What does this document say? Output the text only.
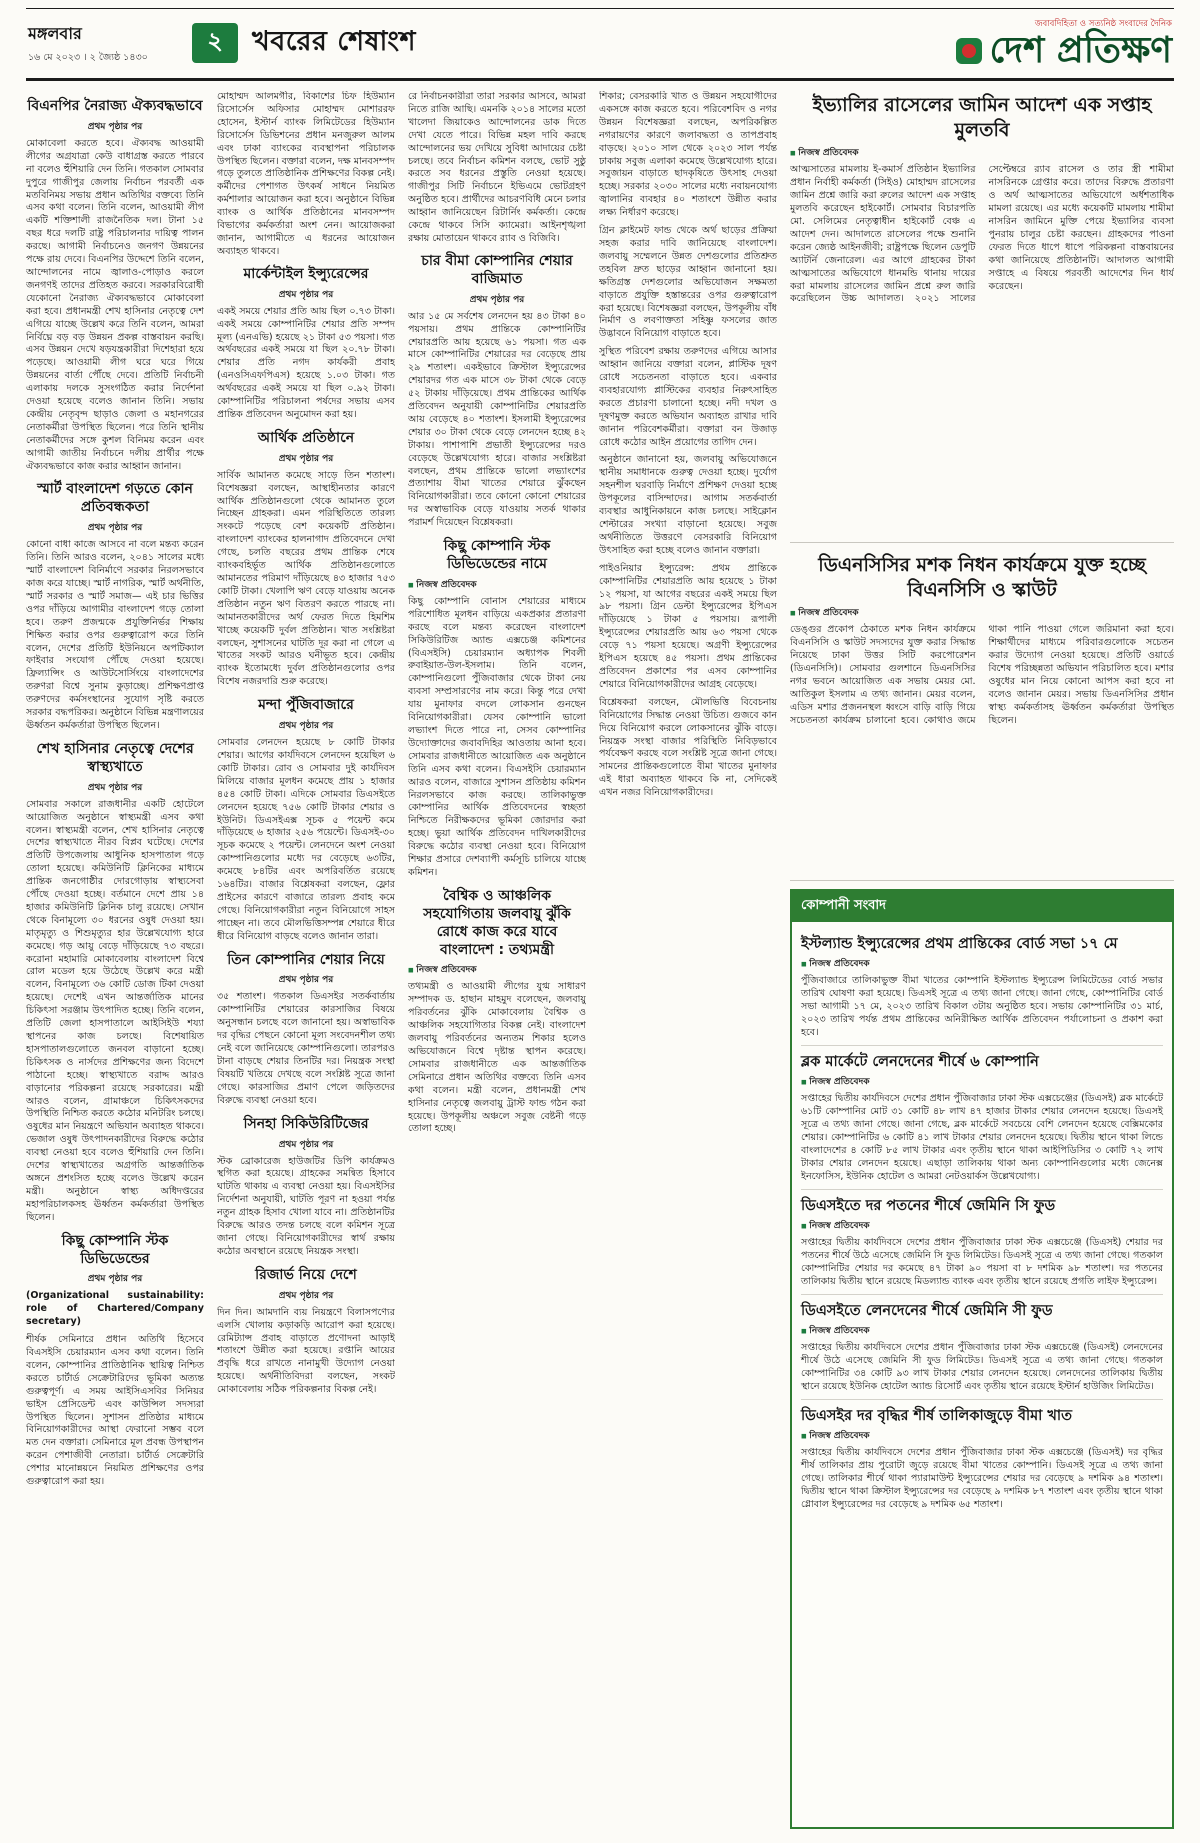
মঙ্গলবার
১৬ মে ২০২৩ । ২ জ্যৈষ্ঠ ১৪৩০
২	খবরের শেষাংশ
জবাবদিহিতা ও সত্যনিষ্ঠ সংবাদের দৈনিক
দেশ প্রতিক্ষণ
বিএনপির নৈরাজ্য ঐক্যবদ্ধভাবে
প্রথম পৃষ্ঠার পর

মোকাবেলা করতে হবে। ঐক্যবদ্ধ আওয়ামী লীগের অগ্রযাত্রা কেউ বাধাগ্রস্ত করতে পারবে না বলেও হুঁশিয়ারি দেন তিনি। গতকাল সোমবার দুপুরে গাজীপুর জেলায় নির্বাচন পরবর্তী এক মতবিনিময় সভায় প্রধান অতিথির বক্তব্যে তিনি এসব কথা বলেন। তিনি বলেন, আওয়ামী লীগ একটি শক্তিশালী রাজনৈতিক দল। টানা ১৫ বছর ধরে দলটি রাষ্ট্র পরিচালনার দায়িত্ব পালন করছে। আগামী নির্বাচনেও জনগণ উন্নয়নের পক্ষে রায় দেবে। বিএনপির উদ্দেশে তিনি বলেন, আন্দোলনের নামে জ্বালাও-পোড়াও করলে জনগণই তাদের প্রতিহত করবে। সরকারবিরোধী যেকোনো নৈরাজ্য ঐক্যবদ্ধভাবে মোকাবেলা করা হবে। প্রধানমন্ত্রী শেখ হাসিনার নেতৃত্বে দেশ এগিয়ে যাচ্ছে উল্লেখ করে তিনি বলেন, আমরা নির্বিঘ্নে বড় বড় উন্নয়ন প্রকল্প বাস্তবায়ন করছি। এসব উন্নয়ন দেখে ষড়যন্ত্রকারীরা দিশেহারা হয়ে পড়েছে। আওয়ামী লীগ ঘরে ঘরে গিয়ে উন্নয়নের বার্তা পৌঁছে দেবে। প্রতিটি নির্বাচনী এলাকায় দলকে সুসংগঠিত করার নির্দেশনা দেওয়া হয়েছে বলেও জানান তিনি। সভায় কেন্দ্রীয় নেতৃবৃন্দ ছাড়াও জেলা ও মহানগরের নেতাকর্মীরা উপস্থিত ছিলেন। পরে তিনি স্থানীয় নেতাকর্মীদের সঙ্গে কুশল বিনিময় করেন এবং আগামী জাতীয় নির্বাচনে দলীয় প্রার্থীর পক্ষে ঐক্যবদ্ধভাবে কাজ করার আহ্বান জানান।

স্মার্ট বাংলাদেশ গড়তে কোন প্রতিবন্ধকতা
প্রথম পৃষ্ঠার পর

কোনো বাধা কাজে আসবে না বলে মন্তব্য করেন তিনি। তিনি আরও বলেন, ২০৪১ সালের মধ্যে স্মার্ট বাংলাদেশ বিনির্মাণে সরকার নিরলসভাবে কাজ করে যাচ্ছে। স্মার্ট নাগরিক, স্মার্ট অর্থনীতি, স্মার্ট সরকার ও স্মার্ট সমাজ— এই চার ভিত্তির ওপর দাঁড়িয়ে আগামীর বাংলাদেশ গড়ে তোলা হবে। তরুণ প্রজন্মকে প্রযুক্তিনির্ভর শিক্ষায় শিক্ষিত করার ওপর গুরুত্বারোপ করে তিনি বলেন, দেশের প্রতিটি ইউনিয়নে অপটিক্যাল ফাইবার সংযোগ পৌঁছে দেওয়া হয়েছে। ফ্রিল্যান্সিং ও আউটসোর্সিংয়ে বাংলাদেশের তরুণরা বিশ্বে সুনাম কুড়াচ্ছে। প্রশিক্ষণপ্রাপ্ত তরুণদের কর্মসংস্থানের সুযোগ সৃষ্টি করতে সরকার বদ্ধপরিকর। অনুষ্ঠানে বিভিন্ন মন্ত্রণালয়ের ঊর্ধ্বতন কর্মকর্তারা উপস্থিত ছিলেন।

শেখ হাসিনার নেতৃত্বে দেশের স্বাস্থ্যখাতে
প্রথম পৃষ্ঠার পর

সোমবার সকালে রাজধানীর একটি হোটেলে আয়োজিত অনুষ্ঠানে স্বাস্থ্যমন্ত্রী এসব কথা বলেন। স্বাস্থ্যমন্ত্রী বলেন, শেখ হাসিনার নেতৃত্বে দেশের স্বাস্থ্যখাতে নীরব বিপ্লব ঘটেছে। দেশের প্রতিটি উপজেলায় আধুনিক হাসপাতাল গড়ে তোলা হয়েছে। কমিউনিটি ক্লিনিকের মাধ্যমে প্রান্তিক জনগোষ্ঠীর দোরগোড়ায় স্বাস্থ্যসেবা পৌঁছে দেওয়া হচ্ছে। বর্তমানে দেশে প্রায় ১৪ হাজার কমিউনিটি ক্লিনিক চালু রয়েছে। সেখান থেকে বিনামূল্যে ৩০ ধরনের ওষুধ দেওয়া হয়। মাতৃমৃত্যু ও শিশুমৃত্যুর হার উল্লেখযোগ্য হারে কমেছে। গড় আয়ু বেড়ে দাঁড়িয়েছে ৭৩ বছরে। করোনা মহামারি মোকাবেলায় বাংলাদেশ বিশ্বে রোল মডেল হয়ে উঠেছে উল্লেখ করে মন্ত্রী বলেন, বিনামূল্যে ৩৬ কোটি ডোজ টিকা দেওয়া হয়েছে। দেশেই এখন আন্তর্জাতিক মানের চিকিৎসা সরঞ্জাম উৎপাদিত হচ্ছে। তিনি বলেন, প্রতিটি জেলা হাসপাতালে আইসিইউ শয্যা স্থাপনের কাজ চলছে। বিশেষায়িত হাসপাতালগুলোতে জনবল বাড়ানো হচ্ছে। চিকিৎসক ও নার্সদের প্রশিক্ষণের জন্য বিদেশে পাঠানো হচ্ছে। স্বাস্থ্যখাতে বরাদ্দ আরও বাড়ানোর পরিকল্পনা রয়েছে সরকারের। মন্ত্রী আরও বলেন, গ্রামাঞ্চলে চিকিৎসকদের উপস্থিতি নিশ্চিত করতে কঠোর মনিটরিং চলছে। ওষুধের মান নিয়ন্ত্রণে অভিযান অব্যাহত থাকবে। ভেজাল ওষুধ উৎপাদনকারীদের বিরুদ্ধে কঠোর ব্যবস্থা নেওয়া হবে বলেও হুঁশিয়ারি দেন তিনি। দেশের স্বাস্থ্যখাতের অগ্রগতি আন্তর্জাতিক অঙ্গনে প্রশংসিত হচ্ছে বলেও উল্লেখ করেন মন্ত্রী। অনুষ্ঠানে স্বাস্থ্য অধিদপ্তরের মহাপরিচালকসহ ঊর্ধ্বতন কর্মকর্তারা উপস্থিত ছিলেন।

কিছু কোম্পানি স্টক ডিভিডেন্ডের
প্রথম পৃষ্ঠার পর

(Organizational sustainability: role of Chartered/Company secretary)

শীর্ষক সেমিনারে প্রধান অতিথি হিসেবে বিএসইসি চেয়ারম্যান এসব কথা বলেন। তিনি বলেন, কোম্পানির প্রাতিষ্ঠানিক স্থায়িত্ব নিশ্চিত করতে চার্টার্ড সেক্রেটারিদের ভূমিকা অত্যন্ত গুরুত্বপূর্ণ। এ সময় আইসিএসবির সিনিয়র ভাইস প্রেসিডেন্ট এবং কাউন্সিল সদস্যরা উপস্থিত ছিলেন। সুশাসন প্রতিষ্ঠার মাধ্যমে বিনিয়োগকারীদের আস্থা ফেরানো সম্ভব বলে মত দেন বক্তারা। সেমিনারে মূল প্রবন্ধ উপস্থাপন করেন পেশাজীবী নেতারা। চার্টার্ড সেক্রেটারি পেশার মানোন্নয়নে নিয়মিত প্রশিক্ষণের ওপর গুরুত্বারোপ করা হয়।

মোহাম্মদ আলমগীর, বিকাশের চিফ হিউম্যান রিসোর্সেস অফিসার মোহাম্মদ মোশাররফ হোসেন, ইস্টার্ন ব্যাংক লিমিটেডের হিউম্যান রিসোর্সেস ডিভিশনের প্রধান মনজুরুল আলম এবং ঢাকা ব্যাংকের ব্যবস্থাপনা পরিচালক উপস্থিত ছিলেন। বক্তারা বলেন, দক্ষ মানবসম্পদ গড়ে তুলতে প্রাতিষ্ঠানিক প্রশিক্ষণের বিকল্প নেই। কর্মীদের পেশাগত উৎকর্ষ সাধনে নিয়মিত কর্মশালার আয়োজন করা হবে। অনুষ্ঠানে বিভিন্ন ব্যাংক ও আর্থিক প্রতিষ্ঠানের মানবসম্পদ বিভাগের কর্মকর্তারা অংশ নেন। আয়োজকরা জানান, আগামীতে এ ধরনের আয়োজন অব্যাহত থাকবে।

মার্কেন্টাইল ইন্স্যুরেন্সের
প্রথম পৃষ্ঠার পর

একই সময়ে শেয়ার প্রতি আয় ছিল ০.৭৩ টাকা। একই সময়ে কোম্পানিটির শেয়ার প্রতি সম্পদ মূল্য (এনএভি) হয়েছে ২১ টাকা ৫৩ পয়সা। গত অর্থবছরের একই সময়ে যা ছিল ২০.৭৮ টাকা। শেয়ার প্রতি নগদ কার্যকরী প্রবাহ (এনওসিএফপিএস) হয়েছে ১.০৩ টাকা। গত অর্থবছরের একই সময়ে যা ছিল ০.৯২ টাকা। কোম্পানিটির পরিচালনা পর্ষদের সভায় এসব প্রান্তিক প্রতিবেদন অনুমোদন করা হয়।

আর্থিক প্রতিষ্ঠানে
প্রথম পৃষ্ঠার পর

সার্বিক আমানত কমেছে সাড়ে তিন শতাংশ। বিশেষজ্ঞরা বলছেন, আস্থাহীনতার কারণে আর্থিক প্রতিষ্ঠানগুলো থেকে আমানত তুলে নিচ্ছেন গ্রাহকরা। এমন পরিস্থিতিতে তারল্য সংকটে পড়েছে বেশ কয়েকটি প্রতিষ্ঠান। বাংলাদেশ ব্যাংকের হালনাগাদ প্রতিবেদনে দেখা গেছে, চলতি বছরের প্রথম প্রান্তিক শেষে ব্যাংকবহির্ভূত আর্থিক প্রতিষ্ঠানগুলোতে আমানতের পরিমাণ দাঁড়িয়েছে ৪৩ হাজার ৭৫৩ কোটি টাকা। খেলাপি ঋণ বেড়ে যাওয়ায় অনেক প্রতিষ্ঠান নতুন ঋণ বিতরণ করতে পারছে না। আমানতকারীদের অর্থ ফেরত দিতে হিমশিম খাচ্ছে কয়েকটি দুর্বল প্রতিষ্ঠান। খাত সংশ্লিষ্টরা বলছেন, সুশাসনের ঘাটতি দূর করা না গেলে এ খাতের সংকট আরও ঘনীভূত হবে। কেন্দ্রীয় ব্যাংক ইতোমধ্যে দুর্বল প্রতিষ্ঠানগুলোর ওপর বিশেষ নজরদারি শুরু করেছে।

মন্দা পুঁজিবাজারে
প্রথম পৃষ্ঠার পর

সোমবার লেনদেন হয়েছে ৮ কোটি টাকার শেয়ার। আগের কার্যদিবসে লেনদেন হয়েছিল ৬ কোটি টাকার। রোব ও সোমবার দুই কার্যদিবস মিলিয়ে বাজার মূলধন কমেছে প্রায় ১ হাজার ৪৫৪ কোটি টাকা। এদিকে সোমবার ডিএসইতে লেনদেন হয়েছে ৭৫৬ কোটি টাকার শেয়ার ও ইউনিট। ডিএসইএক্স সূচক ৫ পয়েন্ট কমে দাঁড়িয়েছে ৬ হাজার ২৫৬ পয়েন্টে। ডিএসই-৩০ সূচক কমেছে ২ পয়েন্ট। লেনদেনে অংশ নেওয়া কোম্পানিগুলোর মধ্যে দর বেড়েছে ৬৩টির, কমেছে ৮৪টির এবং অপরিবর্তিত রয়েছে ১৬৪টির। বাজার বিশ্লেষকরা বলছেন, ফ্লোর প্রাইসের কারণে বাজারে তারল্য প্রবাহ কমে গেছে। বিনিয়োগকারীরা নতুন বিনিয়োগে সাহস পাচ্ছেন না। তবে মৌলভিত্তিসম্পন্ন শেয়ারে ধীরে ধীরে বিনিয়োগ বাড়ছে বলেও জানান তারা।

তিন কোম্পানির শেয়ার নিয়ে
প্রথম পৃষ্ঠার পর

৩৫ শতাংশ। গতকাল ডিএসইর সতর্কবার্তায় কোম্পানিটির শেয়ারের কারসাজির বিষয়ে অনুসন্ধান চলছে বলে জানানো হয়। অস্বাভাবিক দর বৃদ্ধির পেছনে কোনো মূল্য সংবেদনশীল তথ্য নেই বলে জানিয়েছে কোম্পানিগুলো। তারপরও টানা বাড়ছে শেয়ার তিনটির দর। নিয়ন্ত্রক সংস্থা বিষয়টি খতিয়ে দেখছে বলে সংশ্লিষ্ট সূত্রে জানা গেছে। কারসাজির প্রমাণ পেলে জড়িতদের বিরুদ্ধে ব্যবস্থা নেওয়া হবে।

সিনহা সিকিউরিটিজের
প্রথম পৃষ্ঠার পর

স্টক ব্রোকারেজ হাউজটির ডিপি কার্যক্রমও স্থগিত করা হয়েছে। গ্রাহকের সমন্বিত হিসাবে ঘাটতি থাকায় এ ব্যবস্থা নেওয়া হয়। বিএসইসির নির্দেশনা অনুযায়ী, ঘাটতি পূরণ না হওয়া পর্যন্ত নতুন গ্রাহক হিসাব খোলা যাবে না। প্রতিষ্ঠানটির বিরুদ্ধে আরও তদন্ত চলছে বলে কমিশন সূত্রে জানা গেছে। বিনিয়োগকারীদের স্বার্থ রক্ষায় কঠোর অবস্থানে রয়েছে নিয়ন্ত্রক সংস্থা।

রিজার্ভ নিয়ে দেশে
প্রথম পৃষ্ঠার পর

দিন দিন। আমদানি ব্যয় নিয়ন্ত্রণে বিলাসপণ্যের এলসি খোলায় কড়াকড়ি আরোপ করা হয়েছে। রেমিট্যান্স প্রবাহ বাড়াতে প্রণোদনা আড়াই শতাংশে উন্নীত করা হয়েছে। রপ্তানি আয়ের প্রবৃদ্ধি ধরে রাখতে নানামুখী উদ্যোগ নেওয়া হয়েছে। অর্থনীতিবিদরা বলছেন, সংকট মোকাবেলায় সঠিক পরিকল্পনার বিকল্প নেই।

রে নির্বাচনকারীরা তারা সরকার আসবে, আমরা নিতে রাজি আছি। এমনকি ২০১৪ সালের মতো খালেদা জিয়াকেও আন্দোলনের ডাক দিতে দেখা যেতে পারে। বিভিন্ন মহল দাবি করছে আন্দোলনের ভয় দেখিয়ে সুবিধা আদায়ের চেষ্টা চলছে। তবে নির্বাচন কমিশন বলছে, ভোট সুষ্ঠু করতে সব ধরনের প্রস্তুতি নেওয়া হয়েছে। গাজীপুর সিটি নির্বাচনে ইভিএমে ভোটগ্রহণ অনুষ্ঠিত হবে। প্রার্থীদের আচরণবিধি মেনে চলার আহ্বান জানিয়েছেন রিটার্নিং কর্মকর্তা। কেন্দ্রে কেন্দ্রে থাকবে সিসি ক্যামেরা। আইনশৃঙ্খলা রক্ষায় মোতায়েন থাকবে র‌্যাব ও বিজিবি।

চার বীমা কোম্পানির শেয়ার বাজিমাত
প্রথম পৃষ্ঠার পর

আর ১৫ মে সর্বশেষ লেনদেন হয় ৪৩ টাকা ৪০ পয়সায়। প্রথম প্রান্তিকে কোম্পানিটির শেয়ারপ্রতি আয় হয়েছে ৬১ পয়সা। গত এক মাসে কোম্পানিটির শেয়ারের দর বেড়েছে প্রায় ২৯ শতাংশ। একইভাবে ক্রিস্টাল ইন্স্যুরেন্সের শেয়ারদর গত এক মাসে ৩৮ টাকা থেকে বেড়ে ৫২ টাকায় দাঁড়িয়েছে। প্রথম প্রান্তিকের আর্থিক প্রতিবেদন অনুযায়ী কোম্পানিটির শেয়ারপ্রতি আয় বেড়েছে ৪০ শতাংশ। ইসলামী ইন্স্যুরেন্সের শেয়ার ৩০ টাকা থেকে বেড়ে লেনদেন হচ্ছে ৪২ টাকায়। পাশাপাশি প্রভাতী ইন্স্যুরেন্সের দরও বেড়েছে উল্লেখযোগ্য হারে। বাজার সংশ্লিষ্টরা বলছেন, প্রথম প্রান্তিকে ভালো লভ্যাংশের প্রত্যাশায় বীমা খাতের শেয়ারে ঝুঁকছেন বিনিয়োগকারীরা। তবে কোনো কোনো শেয়ারের দর অস্বাভাবিক বেড়ে যাওয়ায় সতর্ক থাকার পরামর্শ দিয়েছেন বিশ্লেষকরা।

কিছু কোম্পানি স্টক ডিভিডেন্ডের নামে
◼ নিজস্ব প্রতিবেদক

কিছু কোম্পানি বোনাস শেয়ারের মাধ্যমে পরিশোধিত মূলধন বাড়িয়ে একপ্রকার প্রতারণা করছে বলে মন্তব্য করেছেন বাংলাদেশ সিকিউরিটিজ অ্যান্ড এক্সচেঞ্জ কমিশনের (বিএসইসি) চেয়ারম্যান অধ্যাপক শিবলী রুবাইয়াত-উল-ইসলাম। তিনি বলেন, কোম্পানিগুলো পুঁজিবাজার থেকে টাকা নেয় ব্যবসা সম্প্রসারণের নাম করে। কিন্তু পরে দেখা যায় মুনাফার বদলে লোকসান গুনছেন বিনিয়োগকারীরা। যেসব কোম্পানি ভালো লভ্যাংশ দিতে পারে না, সেসব কোম্পানির উদ্যোক্তাদের জবাবদিহির আওতায় আনা হবে। সোমবার রাজধানীতে আয়োজিত এক অনুষ্ঠানে তিনি এসব কথা বলেন। বিএসইসি চেয়ারম্যান আরও বলেন, বাজারে সুশাসন প্রতিষ্ঠায় কমিশন নিরলসভাবে কাজ করছে। তালিকাভুক্ত কোম্পানির আর্থিক প্রতিবেদনের স্বচ্ছতা নিশ্চিতে নিরীক্ষকদের ভূমিকা জোরদার করা হচ্ছে। ভুয়া আর্থিক প্রতিবেদন দাখিলকারীদের বিরুদ্ধে কঠোর ব্যবস্থা নেওয়া হবে। বিনিয়োগ শিক্ষার প্রসারে দেশব্যাপী কর্মসূচি চালিয়ে যাচ্ছে কমিশন।

বৈশ্বিক ও আঞ্চলিক সহযোগিতায় জলবায়ু ঝুঁকি রোধে কাজ করে যাবে বাংলাদেশ : তথ্যমন্ত্রী
◼ নিজস্ব প্রতিবেদক

তথ্যমন্ত্রী ও আওয়ামী লীগের যুগ্ম সাধারণ সম্পাদক ড. হাছান মাহমুদ বলেছেন, জলবায়ু পরিবর্তনের ঝুঁকি মোকাবেলায় বৈশ্বিক ও আঞ্চলিক সহযোগিতার বিকল্প নেই। বাংলাদেশ জলবায়ু পরিবর্তনের অন্যতম শিকার হলেও অভিযোজনে বিশ্বে দৃষ্টান্ত স্থাপন করেছে। সোমবার রাজধানীতে এক আন্তর্জাতিক সেমিনারে প্রধান অতিথির বক্তব্যে তিনি এসব কথা বলেন। মন্ত্রী বলেন, প্রধানমন্ত্রী শেখ হাসিনার নেতৃত্বে জলবায়ু ট্রাস্ট ফান্ড গঠন করা হয়েছে। উপকূলীয় অঞ্চলে সবুজ বেষ্টনী গড়ে তোলা হচ্ছে।

শিকার; বেসরকারি খাত ও উন্নয়ন সহযোগীদের একসঙ্গে কাজ করতে হবে। পরিবেশবিদ ও নগর উন্নয়ন বিশেষজ্ঞরা বলছেন, অপরিকল্পিত নগরায়ণের কারণে জলাবদ্ধতা ও তাপপ্রবাহ বাড়ছে। ২০১০ সাল থেকে ২০২৩ সাল পর্যন্ত ঢাকায় সবুজ এলাকা কমেছে উল্লেখযোগ্য হারে। সবুজায়ন বাড়াতে ছাদকৃষিতে উৎসাহ দেওয়া হচ্ছে। সরকার ২০৩০ সালের মধ্যে নবায়নযোগ্য জ্বালানির ব্যবহার ৪০ শতাংশে উন্নীত করার লক্ষ্য নির্ধারণ করেছে।

গ্রিন ক্লাইমেট ফান্ড থেকে অর্থ ছাড়ের প্রক্রিয়া সহজ করার দাবি জানিয়েছে বাংলাদেশ। জলবায়ু সম্মেলনে উন্নত দেশগুলোর প্রতিশ্রুত তহবিল দ্রুত ছাড়ের আহ্বান জানানো হয়। ক্ষতিগ্রস্ত দেশগুলোর অভিযোজন সক্ষমতা বাড়াতে প্রযুক্তি হস্তান্তরের ওপর গুরুত্বারোপ করা হয়েছে। বিশেষজ্ঞরা বলছেন, উপকূলীয় বাঁধ নির্মাণ ও লবণাক্ততা সহিষ্ণু ফসলের জাত উদ্ভাবনে বিনিয়োগ বাড়াতে হবে।

সুস্থিত পরিবেশ রক্ষায় তরুণদের এগিয়ে আসার আহ্বান জানিয়ে বক্তারা বলেন, প্লাস্টিক দূষণ রোধে সচেতনতা বাড়াতে হবে। একবার ব্যবহারযোগ্য প্লাস্টিকের ব্যবহার নিরুৎসাহিত করতে প্রচারণা চালানো হচ্ছে। নদী দখল ও দূষণমুক্ত করতে অভিযান অব্যাহত রাখার দাবি জানান পরিবেশকর্মীরা। বক্তারা বন উজাড় রোধে কঠোর আইন প্রয়োগের তাগিদ দেন।

অনুষ্ঠানে জানানো হয়, জলবায়ু অভিযোজনে স্থানীয় সমাধানকে গুরুত্ব দেওয়া হচ্ছে। দুর্যোগ সহনশীল ঘরবাড়ি নির্মাণে প্রশিক্ষণ দেওয়া হচ্ছে উপকূলের বাসিন্দাদের। আগাম সতর্কবার্তা ব্যবস্থার আধুনিকায়নে কাজ চলছে। সাইক্লোন শেল্টারের সংখ্যা বাড়ানো হয়েছে। সবুজ অর্থনীতিতে উত্তরণে বেসরকারি বিনিয়োগ উৎসাহিত করা হচ্ছে বলেও জানান বক্তারা।

পাইওনিয়ার ইন্স্যুরেন্স: প্রথম প্রান্তিকে কোম্পানিটির শেয়ারপ্রতি আয় হয়েছে ১ টাকা ১২ পয়সা, যা আগের বছরের একই সময়ে ছিল ৯৮ পয়সা। গ্রিন ডেল্টা ইন্স্যুরেন্সের ইপিএস দাঁড়িয়েছে ১ টাকা ৫ পয়সায়। রূপালী ইন্স্যুরেন্সের শেয়ারপ্রতি আয় ৬৩ পয়সা থেকে বেড়ে ৭১ পয়সা হয়েছে। অগ্রণী ইন্স্যুরেন্সের ইপিএস হয়েছে ৪৫ পয়সা। প্রথম প্রান্তিকের প্রতিবেদন প্রকাশের পর এসব কোম্পানির শেয়ারে বিনিয়োগকারীদের আগ্রহ বেড়েছে।

বিশ্লেষকরা বলছেন, মৌলভিত্তি বিবেচনায় বিনিয়োগের সিদ্ধান্ত নেওয়া উচিত। গুজবে কান দিয়ে বিনিয়োগ করলে লোকসানের ঝুঁকি বাড়ে। নিয়ন্ত্রক সংস্থা বাজার পরিস্থিতি নিবিড়ভাবে পর্যবেক্ষণ করছে বলে সংশ্লিষ্ট সূত্রে জানা গেছে। সামনের প্রান্তিকগুলোতে বীমা খাতের মুনাফার এই ধারা অব্যাহত থাকবে কি না, সেদিকেই এখন নজর বিনিয়োগকারীদের।

ইভ্যালির রাসেলের জামিন আদেশ এক সপ্তাহ মুলতবি
◼ নিজস্ব প্রতিবেদক

আত্মসাতের মামলায় ই-কমার্স প্রতিষ্ঠান ইভ্যালির প্রধান নির্বাহী কর্মকর্তা (সিইও) মোহাম্মদ রাসেলের জামিন প্রশ্নে জারি করা রুলের আদেশ এক সপ্তাহ মুলতবি করেছেন হাইকোর্ট। সোমবার বিচারপতি মো. সেলিমের নেতৃত্বাধীন হাইকোর্ট বেঞ্চ এ আদেশ দেন। আদালতে রাসেলের পক্ষে শুনানি করেন জ্যেষ্ঠ আইনজীবী; রাষ্ট্রপক্ষে ছিলেন ডেপুটি অ্যাটর্নি জেনারেল। এর আগে গ্রাহকের টাকা আত্মসাতের অভিযোগে ধানমন্ডি থানায় দায়ের করা মামলায় রাসেলের জামিন প্রশ্নে রুল জারি করেছিলেন উচ্চ আদালত। ২০২১ সালের সেপ্টেম্বরে র‌্যাব রাসেল ও তার স্ত্রী শামীমা নাসরিনকে গ্রেপ্তার করে। তাদের বিরুদ্ধে প্রতারণা ও অর্থ আত্মসাতের অভিযোগে অর্ধশতাধিক মামলা রয়েছে। এর মধ্যে কয়েকটি মামলায় শামীমা নাসরিন জামিনে মুক্তি পেয়ে ইভ্যালির ব্যবসা পুনরায় চালুর চেষ্টা করছেন। গ্রাহকদের পাওনা ফেরত দিতে ধাপে ধাপে পরিকল্পনা বাস্তবায়নের কথা জানিয়েছে প্রতিষ্ঠানটি। আদালত আগামী সপ্তাহে এ বিষয়ে পরবর্তী আদেশের দিন ধার্য করেছেন।

ডিএনসিসির মশক নিধন কার্যক্রমে যুক্ত হচ্ছে বিএনসিসি ও স্কাউট
◼ নিজস্ব প্রতিবেদক

ডেঙ্গুর প্রকোপ ঠেকাতে মশক নিধন কার্যক্রমে বিএনসিসি ও স্কাউট সদস্যদের যুক্ত করার সিদ্ধান্ত নিয়েছে ঢাকা উত্তর সিটি করপোরেশন (ডিএনসিসি)। সোমবার গুলশানে ডিএনসিসির নগর ভবনে আয়োজিত এক সভায় মেয়র মো. আতিকুল ইসলাম এ তথ্য জানান। মেয়র বলেন, এডিস মশার প্রজননস্থল ধ্বংসে বাড়ি বাড়ি গিয়ে সচেতনতা কার্যক্রম চালানো হবে। কোথাও জমে থাকা পানি পাওয়া গেলে জরিমানা করা হবে। শিক্ষার্থীদের মাধ্যমে পরিবারগুলোকে সচেতন করার উদ্যোগ নেওয়া হয়েছে। প্রতিটি ওয়ার্ডে বিশেষ পরিচ্ছন্নতা অভিযান পরিচালিত হবে। মশার ওষুধের মান নিয়ে কোনো আপস করা হবে না বলেও জানান মেয়র। সভায় ডিএনসিসির প্রধান স্বাস্থ্য কর্মকর্তাসহ ঊর্ধ্বতন কর্মকর্তারা উপস্থিত ছিলেন।

কোম্পানী সংবাদ
ইস্টল্যান্ড ইন্স্যুরেন্সের প্রথম প্রান্তিকের বোর্ড সভা ১৭ মে
◼ নিজস্ব প্রতিবেদক

পুঁজিবাজারে তালিকাভুক্ত বীমা খাতের কোম্পানি ইস্টল্যান্ড ইন্স্যুরেন্স লিমিটেডের বোর্ড সভার তারিখ ঘোষণা করা হয়েছে। ডিএসই সূত্রে এ তথ্য জানা গেছে। জানা গেছে, কোম্পানিটির বোর্ড সভা আগামী ১৭ মে, ২০২৩ তারিখ বিকাল ৩টায় অনুষ্ঠিত হবে। সভায় কোম্পানিটির ৩১ মার্চ, ২০২৩ তারিখ পর্যন্ত প্রথম প্রান্তিকের অনিরীক্ষিত আর্থিক প্রতিবেদন পর্যালোচনা ও প্রকাশ করা হবে।

ব্লক মার্কেটে লেনদেনের শীর্ষে ৬ কোম্পানি
◼ নিজস্ব প্রতিবেদক

সপ্তাহের দ্বিতীয় কার্যদিবসে দেশের প্রধান পুঁজিবাজার ঢাকা স্টক এক্সচেঞ্জের (ডিএসই) ব্লক মার্কেটে ৬১টি কোম্পানির মোট ৩১ কোটি ৪৮ লাখ ৪৭ হাজার টাকার শেয়ার লেনদেন হয়েছে। ডিএসই সূত্রে এ তথ্য জানা গেছে। জানা গেছে, ব্লক মার্কেটে সবচেয়ে বেশি লেনদেন হয়েছে বেক্সিমকোর শেয়ার। কোম্পানিটির ৬ কোটি ৪১ লাখ টাকার শেয়ার লেনদেন হয়েছে। দ্বিতীয় স্থানে থাকা লিন্ডে বাংলাদেশের ৪ কোটি ৮৫ লাখ টাকার এবং তৃতীয় স্থানে থাকা আইপিডিসির ৩ কোটি ৭২ লাখ টাকার শেয়ার লেনদেন হয়েছে। এছাড়া তালিকায় থাকা অন্য কোম্পানিগুলোর মধ্যে জেনেক্স ইনফোসিস, ইউনিক হোটেল ও আমরা নেটওয়ার্কস উল্লেখযোগ্য।

ডিএসইতে দর পতনের শীর্ষে জেমিনি সি ফুড
◼ নিজস্ব প্রতিবেদক

সপ্তাহের দ্বিতীয় কার্যদিবসে দেশের প্রধান পুঁজিবাজার ঢাকা স্টক এক্সচেঞ্জে (ডিএসই) শেয়ার দর পতনের শীর্ষে উঠে এসেছে জেমিনি সি ফুড লিমিটেড। ডিএসই সূত্রে এ তথ্য জানা গেছে। গতকাল কোম্পানিটির শেয়ার দর কমেছে ৪৭ টাকা ৯০ পয়সা বা ৮ দশমিক ৯৮ শতাংশ। দর পতনের তালিকায় দ্বিতীয় স্থানে রয়েছে মিডল্যান্ড ব্যাংক এবং তৃতীয় স্থানে রয়েছে প্রগতি লাইফ ইন্স্যুরেন্স।

ডিএসইতে লেনদেনের শীর্ষে জেমিনি সী ফুড
◼ নিজস্ব প্রতিবেদক

সপ্তাহের দ্বিতীয় কার্যদিবসে দেশের প্রধান পুঁজিবাজার ঢাকা স্টক এক্সচেঞ্জে (ডিএসই) লেনদেনের শীর্ষে উঠে এসেছে জেমিনি সী ফুড লিমিটেড। ডিএসই সূত্রে এ তথ্য জানা গেছে। গতকাল কোম্পানিটির ৩৪ কোটি ৯৩ লাখ টাকার শেয়ার লেনদেন হয়েছে। লেনদেনের তালিকায় দ্বিতীয় স্থানে রয়েছে ইউনিক হোটেল অ্যান্ড রিসোর্ট এবং তৃতীয় স্থানে রয়েছে ইস্টার্ন হাউজিং লিমিটেড।

ডিএসইর দর বৃদ্ধির শীর্ষ তালিকাজুড়ে বীমা খাত
◼ নিজস্ব প্রতিবেদক

সপ্তাহের দ্বিতীয় কার্যদিবসে দেশের প্রধান পুঁজিবাজার ঢাকা স্টক এক্সচেঞ্জে (ডিএসই) দর বৃদ্ধির শীর্ষ তালিকার প্রায় পুরোটা জুড়ে রয়েছে বীমা খাতের কোম্পানি। ডিএসই সূত্রে এ তথ্য জানা গেছে। তালিকার শীর্ষে থাকা প্যারামাউন্ট ইন্স্যুরেন্সের শেয়ার দর বেড়েছে ৯ দশমিক ৯৪ শতাংশ। দ্বিতীয় স্থানে থাকা ক্রিস্টাল ইন্স্যুরেন্সের দর বেড়েছে ৯ দশমিক ৮৭ শতাংশ এবং তৃতীয় স্থানে থাকা গ্লোবাল ইন্স্যুরেন্সের দর বেড়েছে ৯ দশমিক ৬৫ শতাংশ।
